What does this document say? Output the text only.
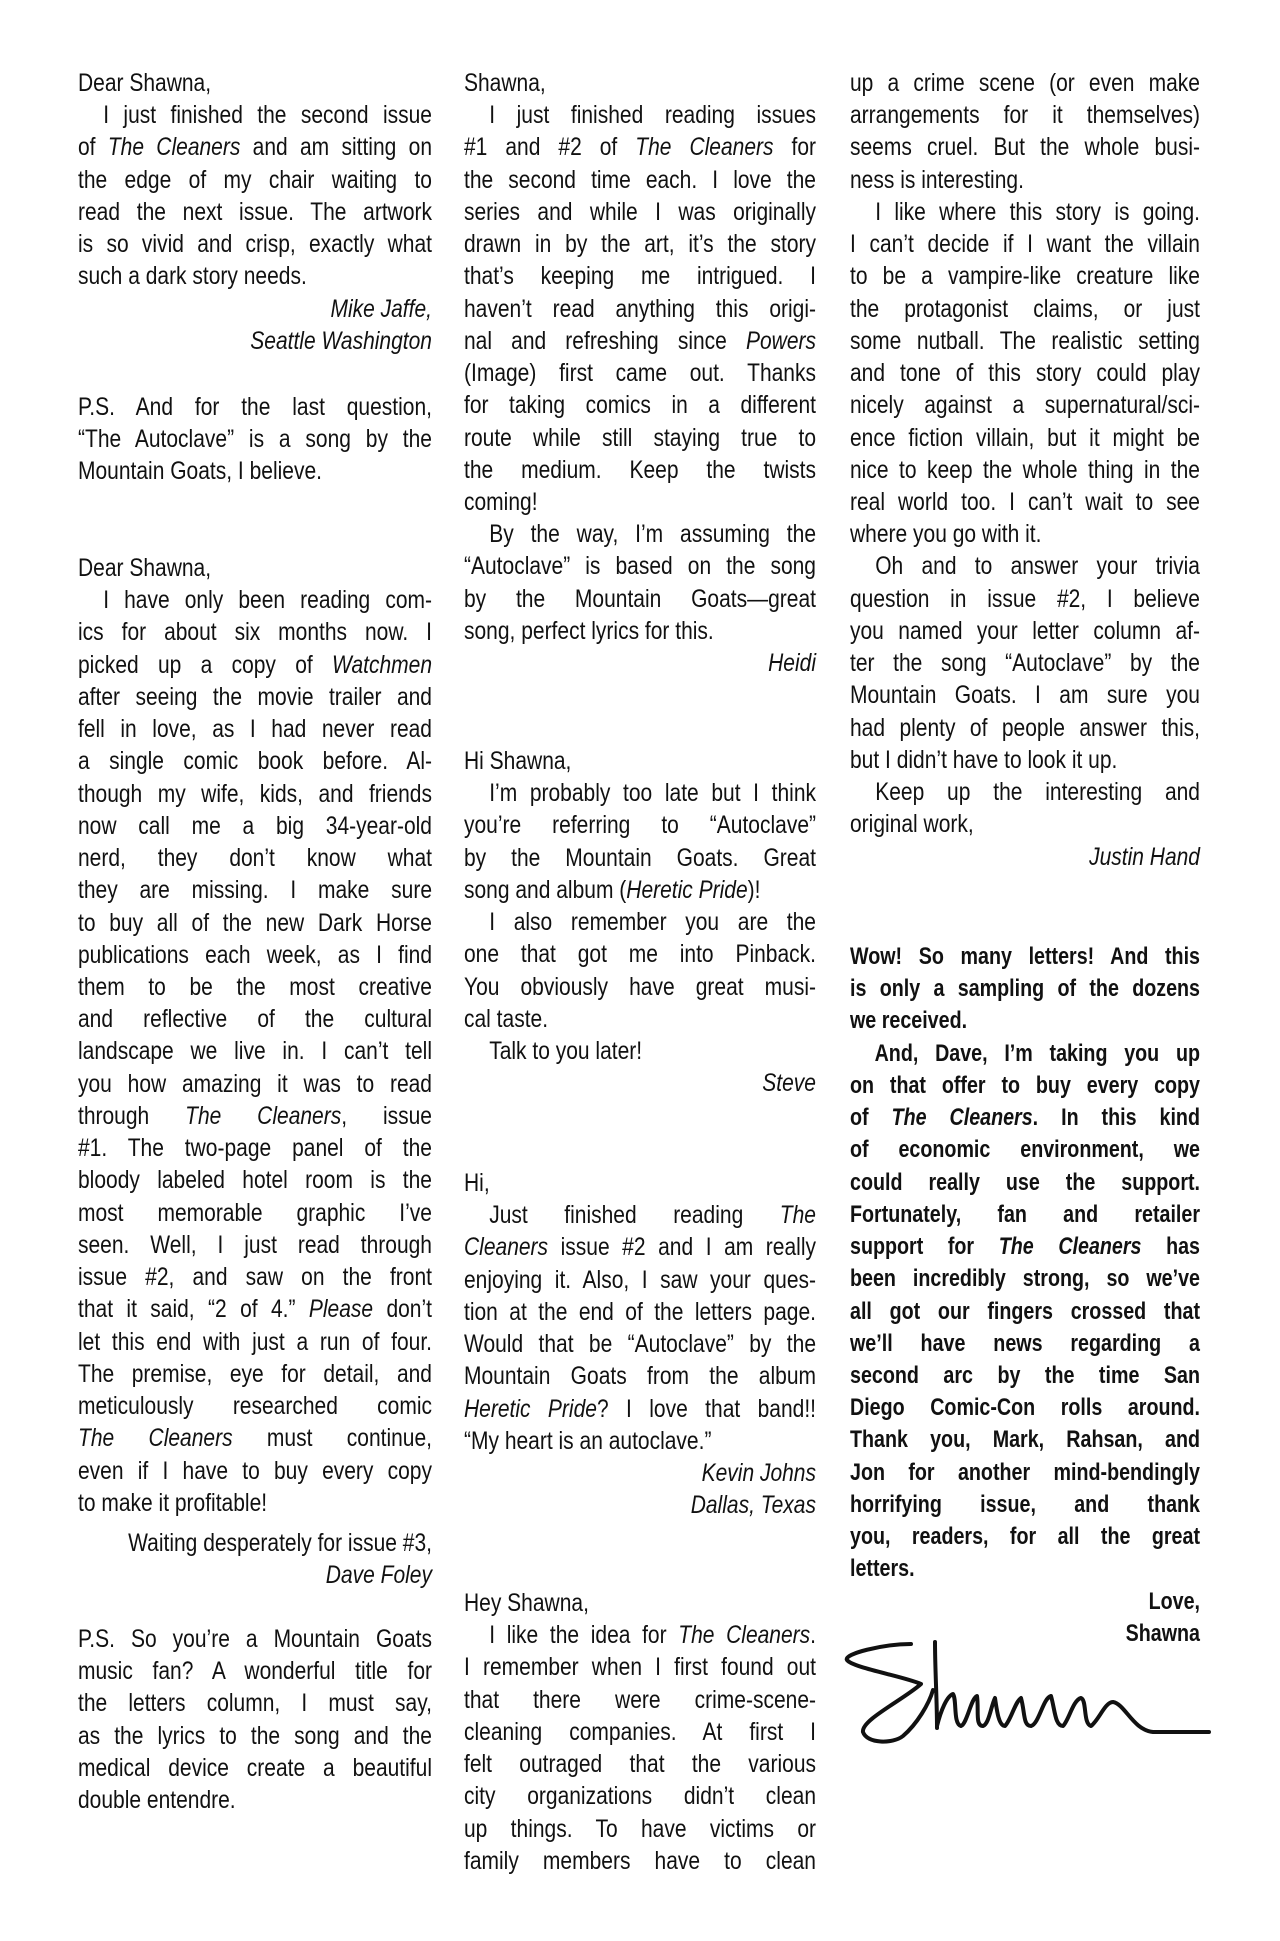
Dear Shawna,
I just finished the second issue
of The Cleaners and am sitting on
the edge of my chair waiting to
read the next issue. The artwork
is so vivid and crisp, exactly what
such a dark story needs.
Mike Jaffe,
Seattle Washington
P.S. And for the last question,
“The Autoclave” is a song by the
Mountain Goats, I believe.
Dear Shawna,
I have only been reading com-
ics for about six months now. I
picked up a copy of Watchmen
after seeing the movie trailer and
fell in love, as I had never read
a single comic book before. Al-
though my wife, kids, and friends
now call me a big 34-year-old
nerd, they don’t know what
they are missing. I make sure
to buy all of the new Dark Horse
publications each week, as I find
them to be the most creative
and reflective of the cultural
landscape we live in. I can’t tell
you how amazing it was to read
through The Cleaners, issue
#1. The two-page panel of the
bloody labeled hotel room is the
most memorable graphic I’ve
seen. Well, I just read through
issue #2, and saw on the front
that it said, “2 of 4.” Please don’t
let this end with just a run of four.
The premise, eye for detail, and
meticulously researched comic
The Cleaners must continue,
even if I have to buy every copy
to make it profitable!
Waiting desperately for issue #3,
Dave Foley
P.S. So you’re a Mountain Goats
music fan? A wonderful title for
the letters column, I must say,
as the lyrics to the song and the
medical device create a beautiful
double entendre.
Shawna,
I just finished reading issues
#1 and #2 of The Cleaners for
the second time each. I love the
series and while I was originally
drawn in by the art, it’s the story
that’s keeping me intrigued. I
haven’t read anything this origi-
nal and refreshing since Powers
(Image) first came out. Thanks
for taking comics in a different
route while still staying true to
the medium. Keep the twists
coming!
By the way, I’m assuming the
“Autoclave” is based on the song
by the Mountain Goats—great
song, perfect lyrics for this.
Heidi
Hi Shawna,
I’m probably too late but I think
you’re referring to “Autoclave”
by the Mountain Goats. Great
song and album (Heretic Pride)!
I also remember you are the
one that got me into Pinback.
You obviously have great musi-
cal taste.
Talk to you later!
Steve
Hi,
Just finished reading The
Cleaners issue #2 and I am really
enjoying it. Also, I saw your ques-
tion at the end of the letters page.
Would that be “Autoclave” by the
Mountain Goats from the album
Heretic Pride? I love that band!!
“My heart is an autoclave.”
Kevin Johns
Dallas, Texas
Hey Shawna,
I like the idea for The Cleaners.
I remember when I first found out
that there were crime-scene-
cleaning companies. At first I
felt outraged that the various
city organizations didn’t clean
up things. To have victims or
family members have to clean
up a crime scene (or even make
arrangements for it themselves)
seems cruel. But the whole busi-
ness is interesting.
I like where this story is going.
I can’t decide if I want the villain
to be a vampire-like creature like
the protagonist claims, or just
some nutball. The realistic setting
and tone of this story could play
nicely against a supernatural/sci-
ence fiction villain, but it might be
nice to keep the whole thing in the
real world too. I can’t wait to see
where you go with it.
Oh and to answer your trivia
question in issue #2, I believe
you named your letter column af-
ter the song “Autoclave” by the
Mountain Goats. I am sure you
had plenty of people answer this,
but I didn’t have to look it up.
Keep up the interesting and
original work,
Justin Hand
Wow! So many letters! And this
is only a sampling of the dozens
we received.
And, Dave, I’m taking you up
on that offer to buy every copy
of The Cleaners. In this kind
of economic environment, we
could really use the support.
Fortunately, fan and retailer
support for The Cleaners has
been incredibly strong, so we’ve
all got our fingers crossed that
we’ll have news regarding a
second arc by the time San
Diego Comic-Con rolls around.
Thank you, Mark, Rahsan, and
Jon for another mind-bendingly
horrifying issue, and thank
you, readers, for all the great
letters.
Love,
Shawna
